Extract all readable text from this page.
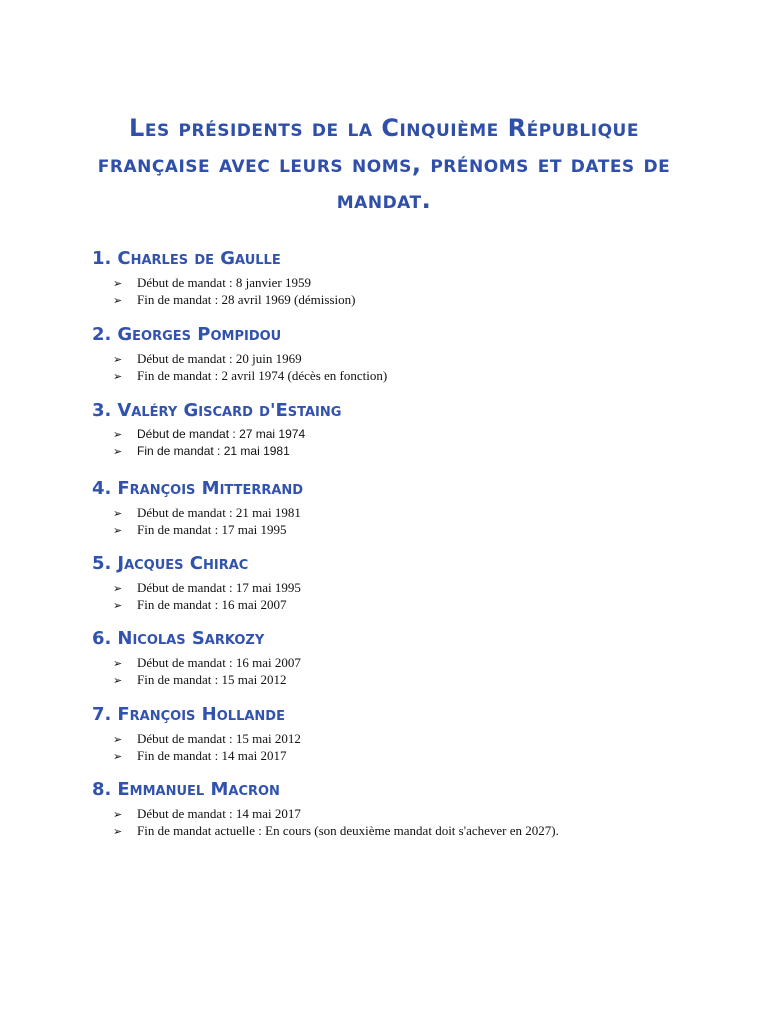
Les présidents de la Cinquième République française avec leurs noms, prénoms et dates de mandat.
1. Charles de Gaulle
➢ Début de mandat : 8 janvier 1959
➢ Fin de mandat : 28 avril 1969 (démission)
2. Georges Pompidou
➢ Début de mandat : 20 juin 1969
➢ Fin de mandat : 2 avril 1974 (décès en fonction)
3. Valéry Giscard d'Estaing
➢ Début de mandat : 27 mai 1974
➢ Fin de mandat : 21 mai 1981
4. François Mitterrand
➢ Début de mandat : 21 mai 1981
➢ Fin de mandat : 17 mai 1995
5. Jacques Chirac
➢ Début de mandat : 17 mai 1995
➢ Fin de mandat : 16 mai 2007
6. Nicolas Sarkozy
➢ Début de mandat : 16 mai 2007
➢ Fin de mandat : 15 mai 2012
7. François Hollande
➢ Début de mandat : 15 mai 2012
➢ Fin de mandat : 14 mai 2017
8. Emmanuel Macron
➢ Début de mandat : 14 mai 2017
➢ Fin de mandat actuelle : En cours (son deuxième mandat doit s'achever en 2027).
